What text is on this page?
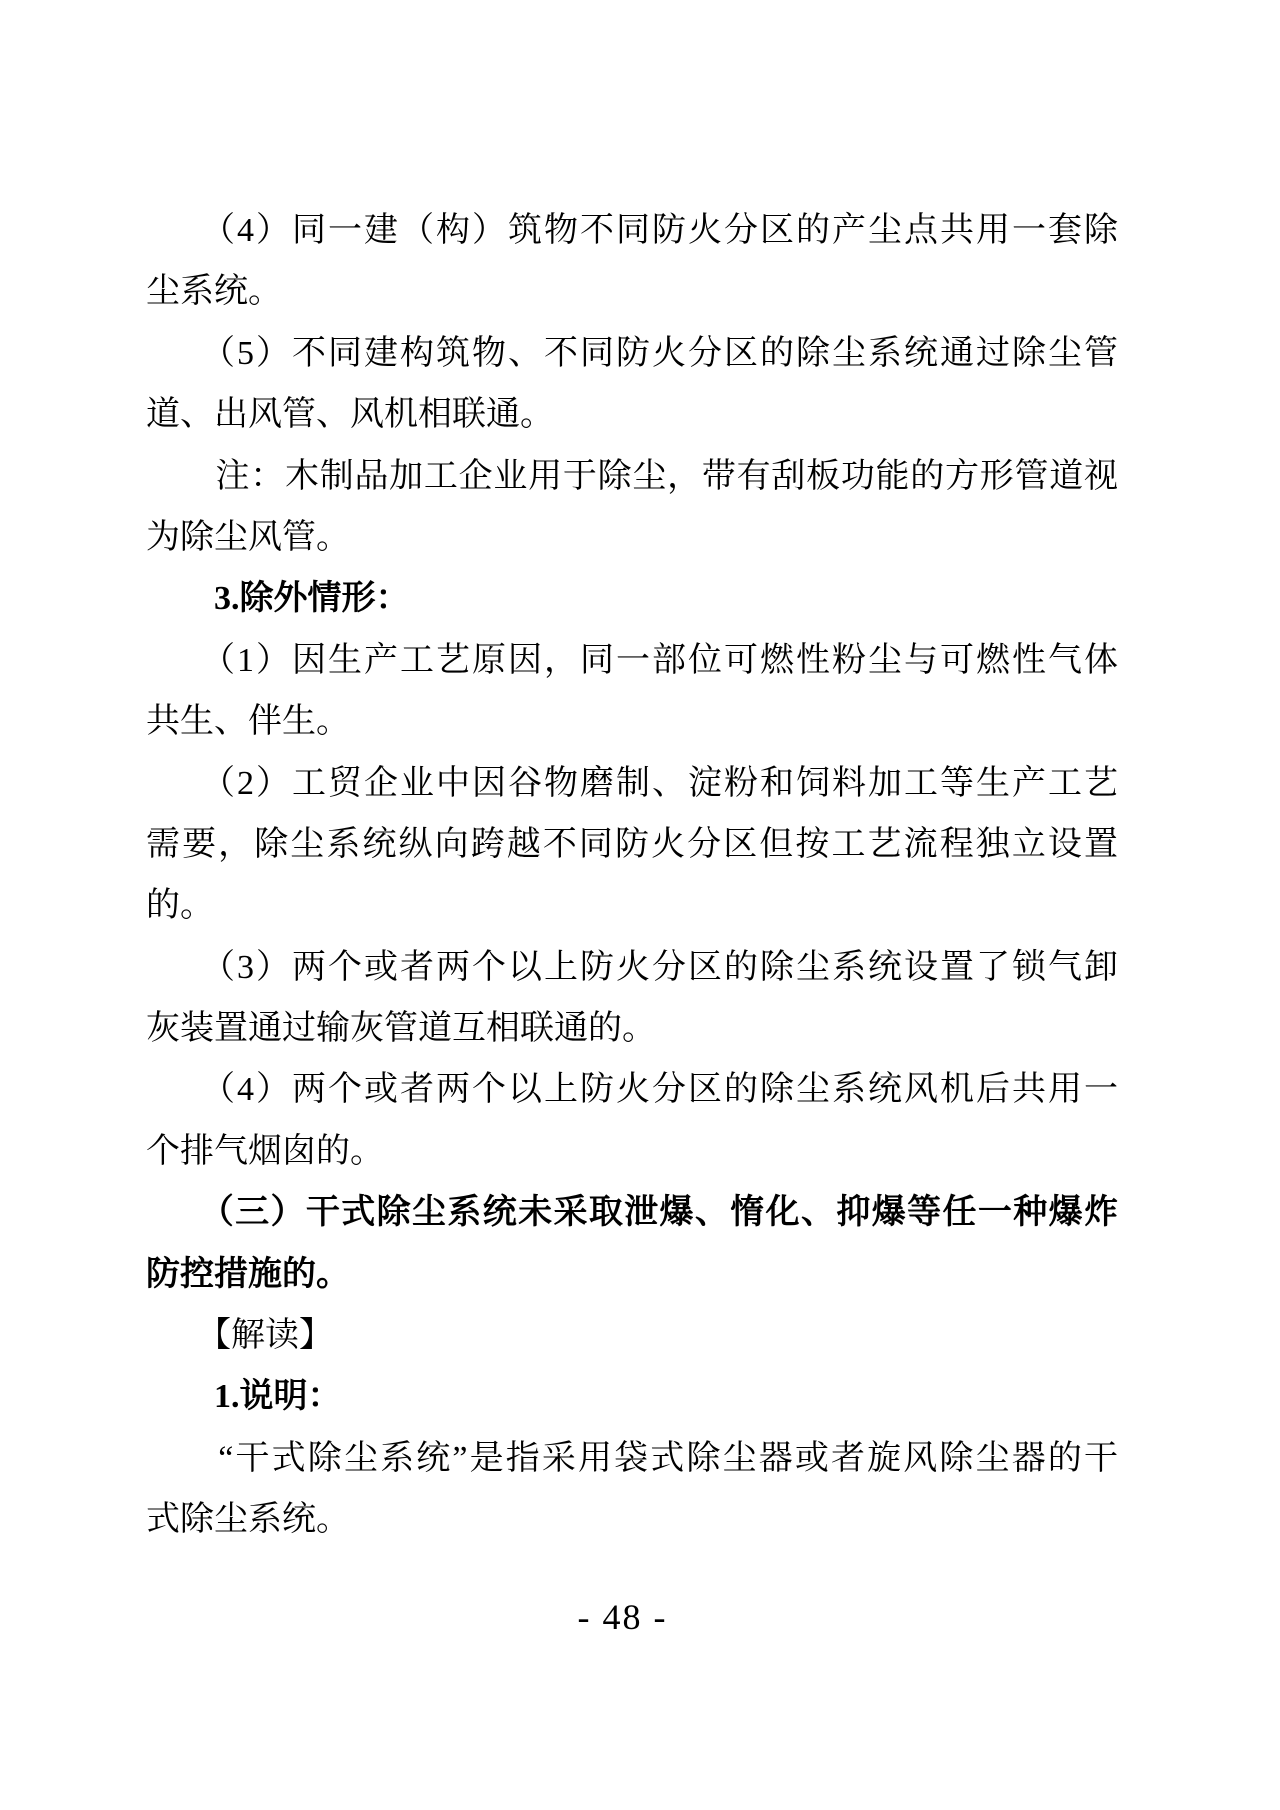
　　（4）同一建（构）筑物不同防火分区的产尘点共用一套除
尘系统。
　　（5）不同建构筑物、不同防火分区的除尘系统通过除尘管
道、出风管、风机相联通。
　　注：木制品加工企业用于除尘，带有刮板功能的方形管道视
为除尘风管。
　　3.除外情形：
　　（1）因生产工艺原因，同一部位可燃性粉尘与可燃性气体
共生、伴生。
　　（2）工贸企业中因谷物磨制、淀粉和饲料加工等生产工艺
需要，除尘系统纵向跨越不同防火分区但按工艺流程独立设置
的。
　　（3）两个或者两个以上防火分区的除尘系统设置了锁气卸
灰装置通过输灰管道互相联通的。
　　（4）两个或者两个以上防火分区的除尘系统风机后共用一
个排气烟囱的。
　　（三）干式除尘系统未采取泄爆、惰化、抑爆等任一种爆炸
防控措施的。
　　【解读】
　　1.说明：
　　“干式除尘系统”是指采用袋式除尘器或者旋风除尘器的干
式除尘系统。
- 48 -
